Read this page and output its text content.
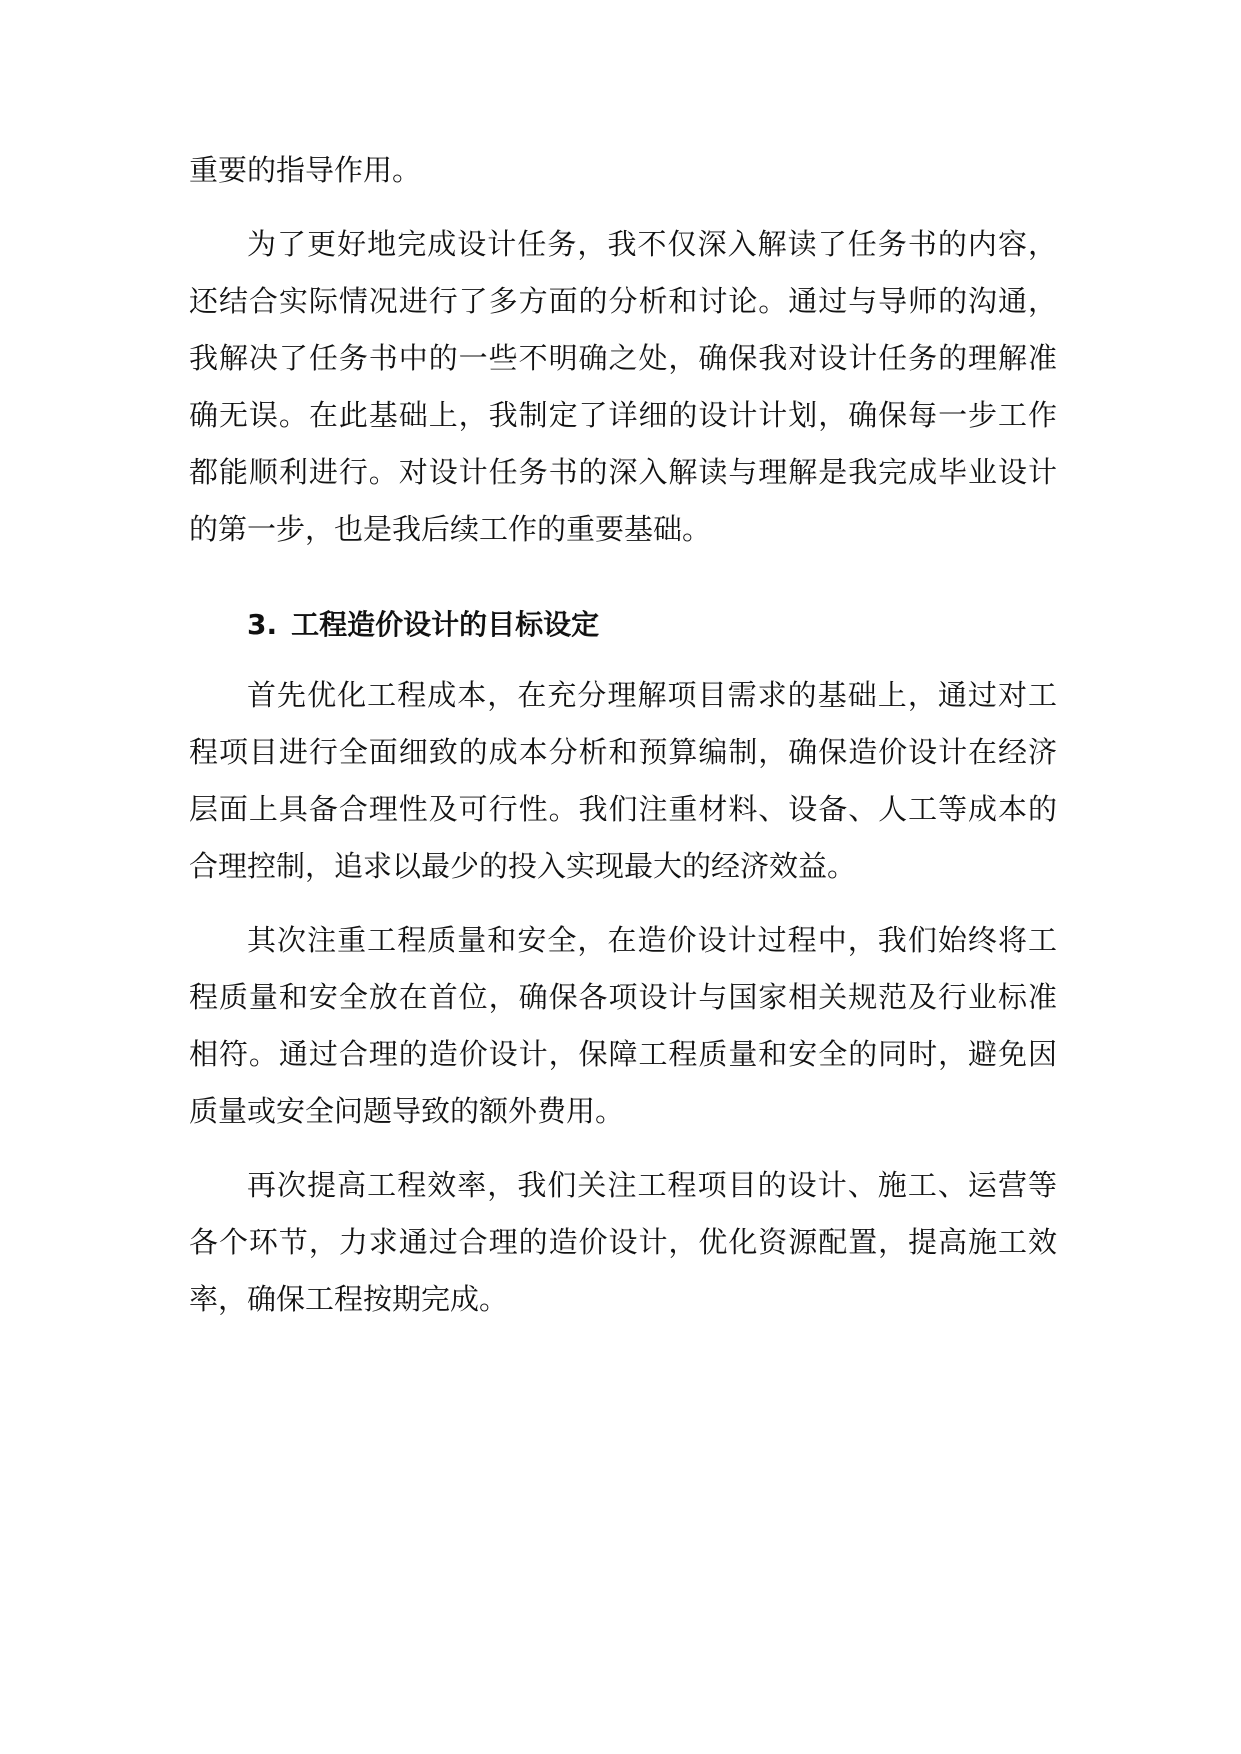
重要的指导作用。

为了更好地完成设计任务，我不仅深入解读了任务书的内容，还结合实际情况进行了多方面的分析和讨论。通过与导师的沟通，我解决了任务书中的一些不明确之处，确保我对设计任务的理解准确无误。在此基础上，我制定了详细的设计计划，确保每一步工作都能顺利进行。对设计任务书的深入解读与理解是我完成毕业设计的第一步，也是我后续工作的重要基础。

3. 工程造价设计的目标设定

首先优化工程成本，在充分理解项目需求的基础上，通过对工程项目进行全面细致的成本分析和预算编制，确保造价设计在经济层面上具备合理性及可行性。我们注重材料、设备、人工等成本的合理控制，追求以最少的投入实现最大的经济效益。

其次注重工程质量和安全，在造价设计过程中，我们始终将工程质量和安全放在首位，确保各项设计与国家相关规范及行业标准相符。通过合理的造价设计，保障工程质量和安全的同时，避免因质量或安全问题导致的额外费用。

再次提高工程效率，我们关注工程项目的设计、施工、运营等各个环节，力求通过合理的造价设计，优化资源配置，提高施工效率，确保工程按期完成。
